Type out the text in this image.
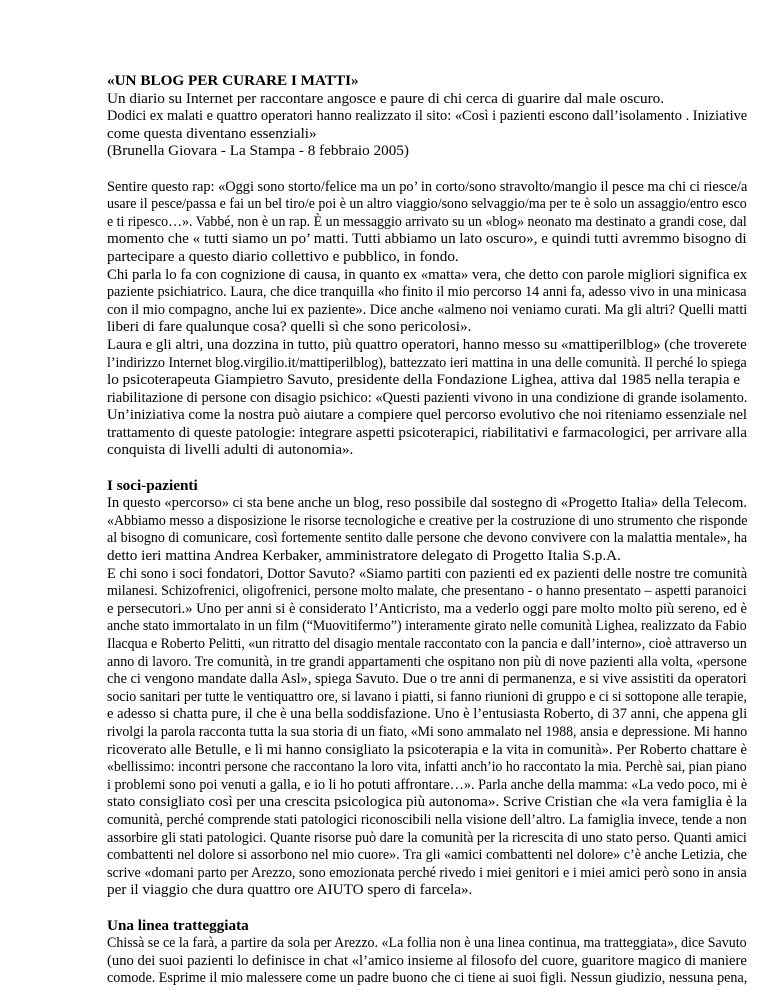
«UN BLOG PER CURARE I MATTI»
Un diario su Internet per raccontare angosce e paure di chi cerca di guarire dal male oscuro.
Dodici ex malati e quattro operatori hanno realizzato il sito: «Così i pazienti escono dall’isolamento . Iniziative
come questa diventano essenziali»
(Brunella Giovara - La Stampa - 8 febbraio 2005)
Sentire questo rap: «Oggi sono storto/felice ma un po’ in corto/sono stravolto/mangio il pesce ma chi ci riesce/a usare il pesce/passa e fai un bel tiro/e poi è un altro viaggio/sono selvaggio/ma per te è solo un assaggio/entro esco e ti ripesco…». Vabbé, non è un rap. È un messaggio arrivato su un «blog» neonato ma destinato a grandi cose, dal momento che « tutti siamo un po’ matti. Tutti abbiamo un lato oscuro», e quindi tutti avremmo bisogno di
partecipare a questo diario collettivo e pubblico, in fondo.
Chi parla lo fa con cognizione di causa, in quanto ex «matta» vera, che detto con parole migliori significa ex paziente psichiatrico. Laura, che dice tranquilla «ho finito il mio percorso 14 anni fa, adesso vivo in una minicasa con il mio compagno, anche lui ex paziente». Dice anche «almeno noi veniamo curati. Ma gli altri? Quelli matti
liberi di fare qualunque cosa? quelli sì che sono pericolosi».
Laura e gli altri, una dozzina in tutto, più quattro operatori, hanno messo su «mattiperilblog» (che troverete l’indirizzo Internet blog.virgilio.it/mattiperilblog), battezzato ieri mattina in una delle comunità. Il perché lo spiega
lo psicoterapeuta Giampietro Savuto, presidente della Fondazione Lighea, attiva dal 1985 nella terapia e
riabilitazione di persone con disagio psichico: «Questi pazienti vivono in una condizione di grande isolamento. Un’iniziativa come la nostra può aiutare a compiere quel percorso evolutivo che noi riteniamo essenziale nel trattamento di queste patologie: integrare aspetti psicoterapici, riabilitativi e farmacologici, per arrivare alla
conquista di livelli adulti di autonomia».
I soci-pazienti
In questo «percorso» ci sta bene anche un blog, reso possibile dal sostegno di «Progetto Italia» della Telecom. «Abbiamo messo a disposizione le risorse tecnologiche e creative per la costruzione di uno strumento che risponde al bisogno di comunicare, così fortemente sentito dalle persone che devono convivere con la malattia mentale», ha
detto ieri mattina Andrea Kerbaker, amministratore delegato di Progetto Italia S.p.A.
E chi sono i soci fondatori, Dottor Savuto? «Siamo partiti con pazienti ed ex pazienti delle nostre tre comunità milanesi. Schizofrenici, oligofrenici, persone molto malate, che presentano - o hanno presentato – aspetti paranoici e persecutori.» Uno per anni si è considerato l’Anticristo, ma a vederlo oggi pare molto molto più sereno, ed è anche stato immortalato in un film (“Muovitifermo”) interamente girato nelle comunità Lighea, realizzato da Fabio Ilacqua e Roberto Pelitti, «un ritratto del disagio mentale raccontato con la pancia e dall’interno», cioè attraverso un anno di lavoro. Tre comunità, in tre grandi appartamenti che ospitano non più di nove pazienti alla volta, «persone che ci vengono mandate dalla Asl», spiega Savuto. Due o tre anni di permanenza, e si vive assistiti da operatori socio sanitari per tutte le ventiquattro ore, si lavano i piatti, si fanno riunioni di gruppo e ci si sottopone alle terapie, e adesso si chatta pure, il che è una bella soddisfazione. Uno è l’entusiasta Roberto, di 37 anni, che appena gli rivolgi la parola racconta tutta la sua storia di un fiato, «Mi sono ammalato nel 1988, ansia e depressione. Mi hanno ricoverato alle Betulle, e lì mi hanno consigliato la psicoterapia e la vita in comunità». Per Roberto chattare è «bellissimo: incontri persone che raccontano la loro vita, infatti anch’io ho raccontato la mia. Perchè sai, pian piano i problemi sono poi venuti a galla, e io li ho potuti affrontare…». Parla anche della mamma: «La vedo poco, mi è stato consigliato così per una crescita psicologica più autonoma». Scrive Cristian che «la vera famiglia è la comunità, perché comprende stati patologici riconoscibili nella visione dell’altro. La famiglia invece, tende a non assorbire gli stati patologici. Quante risorse può dare la comunità per la ricrescita di uno stato perso. Quanti amici combattenti nel dolore si assorbono nel mio cuore». Tra gli «amici combattenti nel dolore» c’è anche Letizia, che scrive «domani parto per Arezzo, sono emozionata perché rivedo i miei genitori e i miei amici però sono in ansia
per il viaggio che dura quattro ore AIUTO spero di farcela».
Una linea tratteggiata
Chissà se ce la farà, a partire da sola per Arezzo. «La follia non è una linea continua, ma tratteggiata», dice Savuto (uno dei suoi pazienti lo definisce in chat «l’amico insieme al filosofo del cuore, guaritore magico di maniere comode. Esprime il mio malessere come un padre buono che ci tiene ai suoi figli. Nessun giudizio, nessuna pena,
